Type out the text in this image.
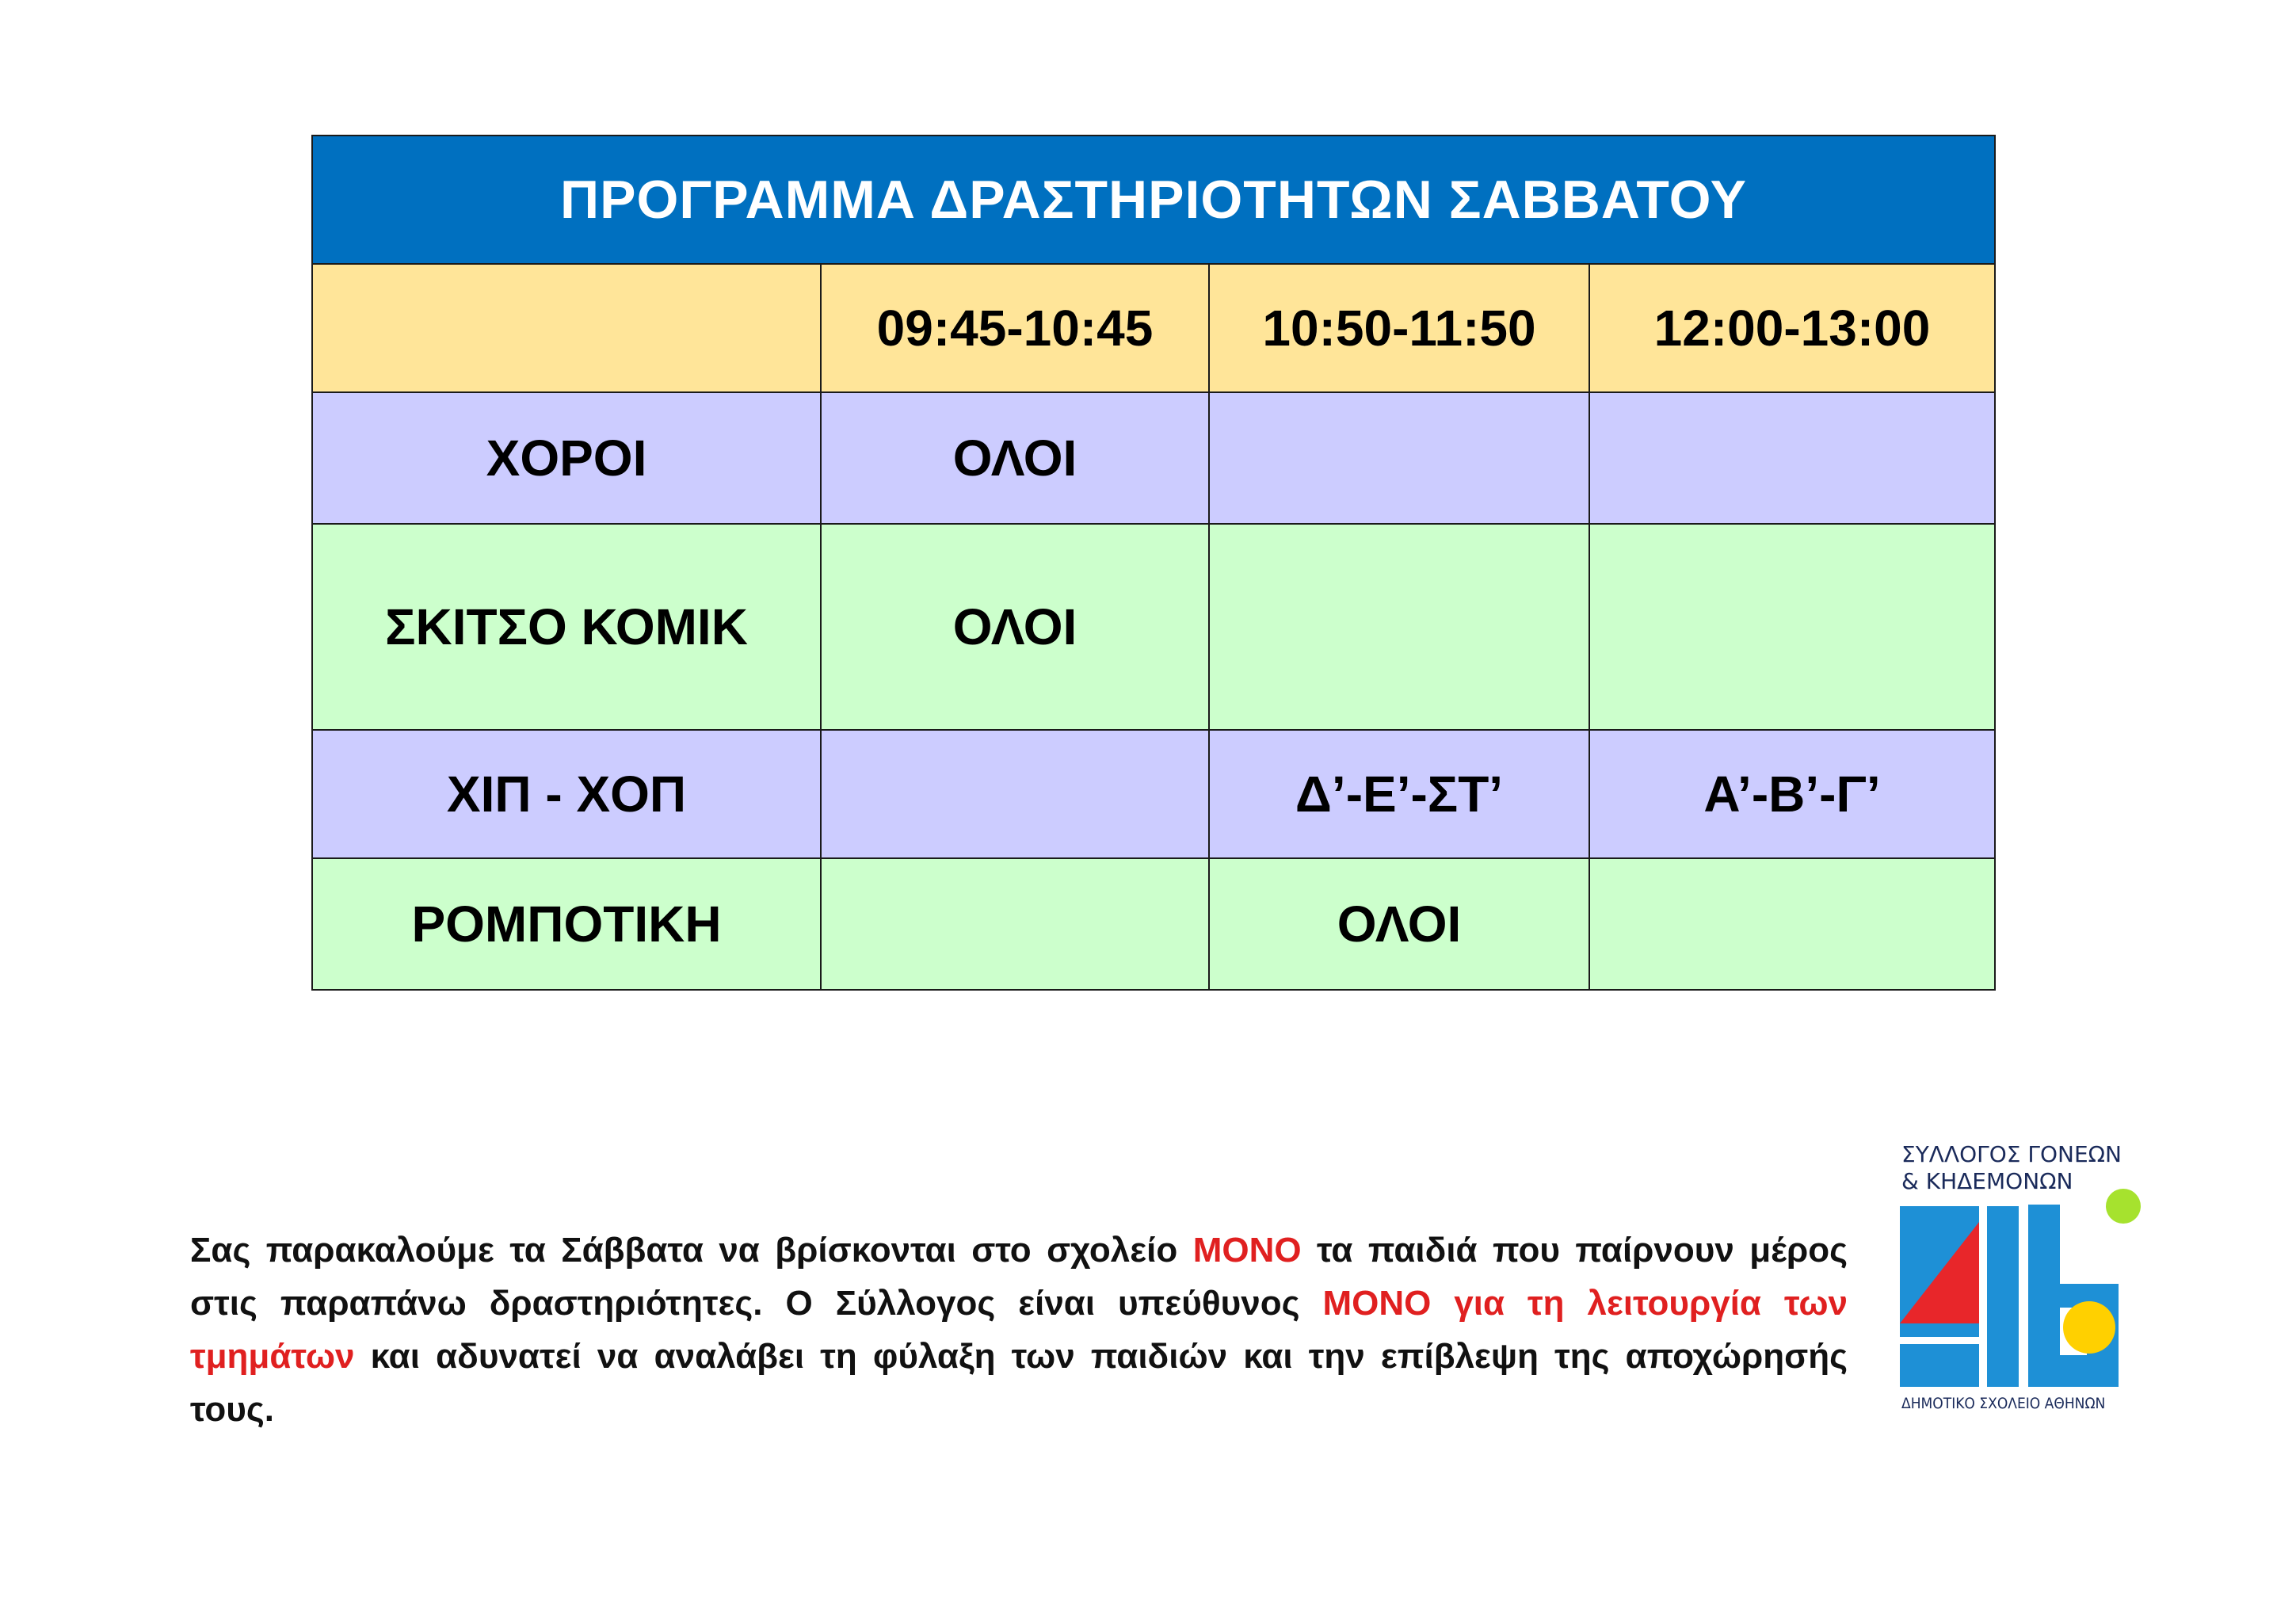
ΠΡΟΓΡΑΜΜΑ ΔΡΑΣΤΗΡΙΟΤΗΤΩΝ ΣΑΒΒΑΤΟΥ			
	09:45-10:45	10:50-11:50	12:00-13:00
ΧΟΡΟΙ	ΟΛΟΙ		
ΣΚΙΤΣΟ ΚΟΜΙΚ	ΟΛΟΙ		
ΧΙΠ - ΧΟΠ		Δ’-Ε’-ΣΤ’	Α’-Β’-Γ’
ΡΟΜΠΟΤΙΚΗ		ΟΛΟΙ	

Σας παρακαλούμε τα Σάββατα να βρίσκονται στο σχολείο ΜΟΝΟ τα παιδιά που παίρνουν μέρος στις παραπάνω δραστηριότητες. Ο Σύλλογος είναι υπεύθυνος ΜΟΝΟ για τη λειτουργία των τμημάτων και αδυνατεί να αναλάβει τη φύλαξη των παιδιών και την επίβλεψη της αποχώρησής τους.

ΣΥΛΛΟΓΟΣ ΓΟΝΕΩΝ
& ΚΗΔΕΜΟΝΩΝ
ΔΗΜΟΤΙΚΟ ΣΧΟΛΕΙΟ ΑΘΗΝΩΝ
